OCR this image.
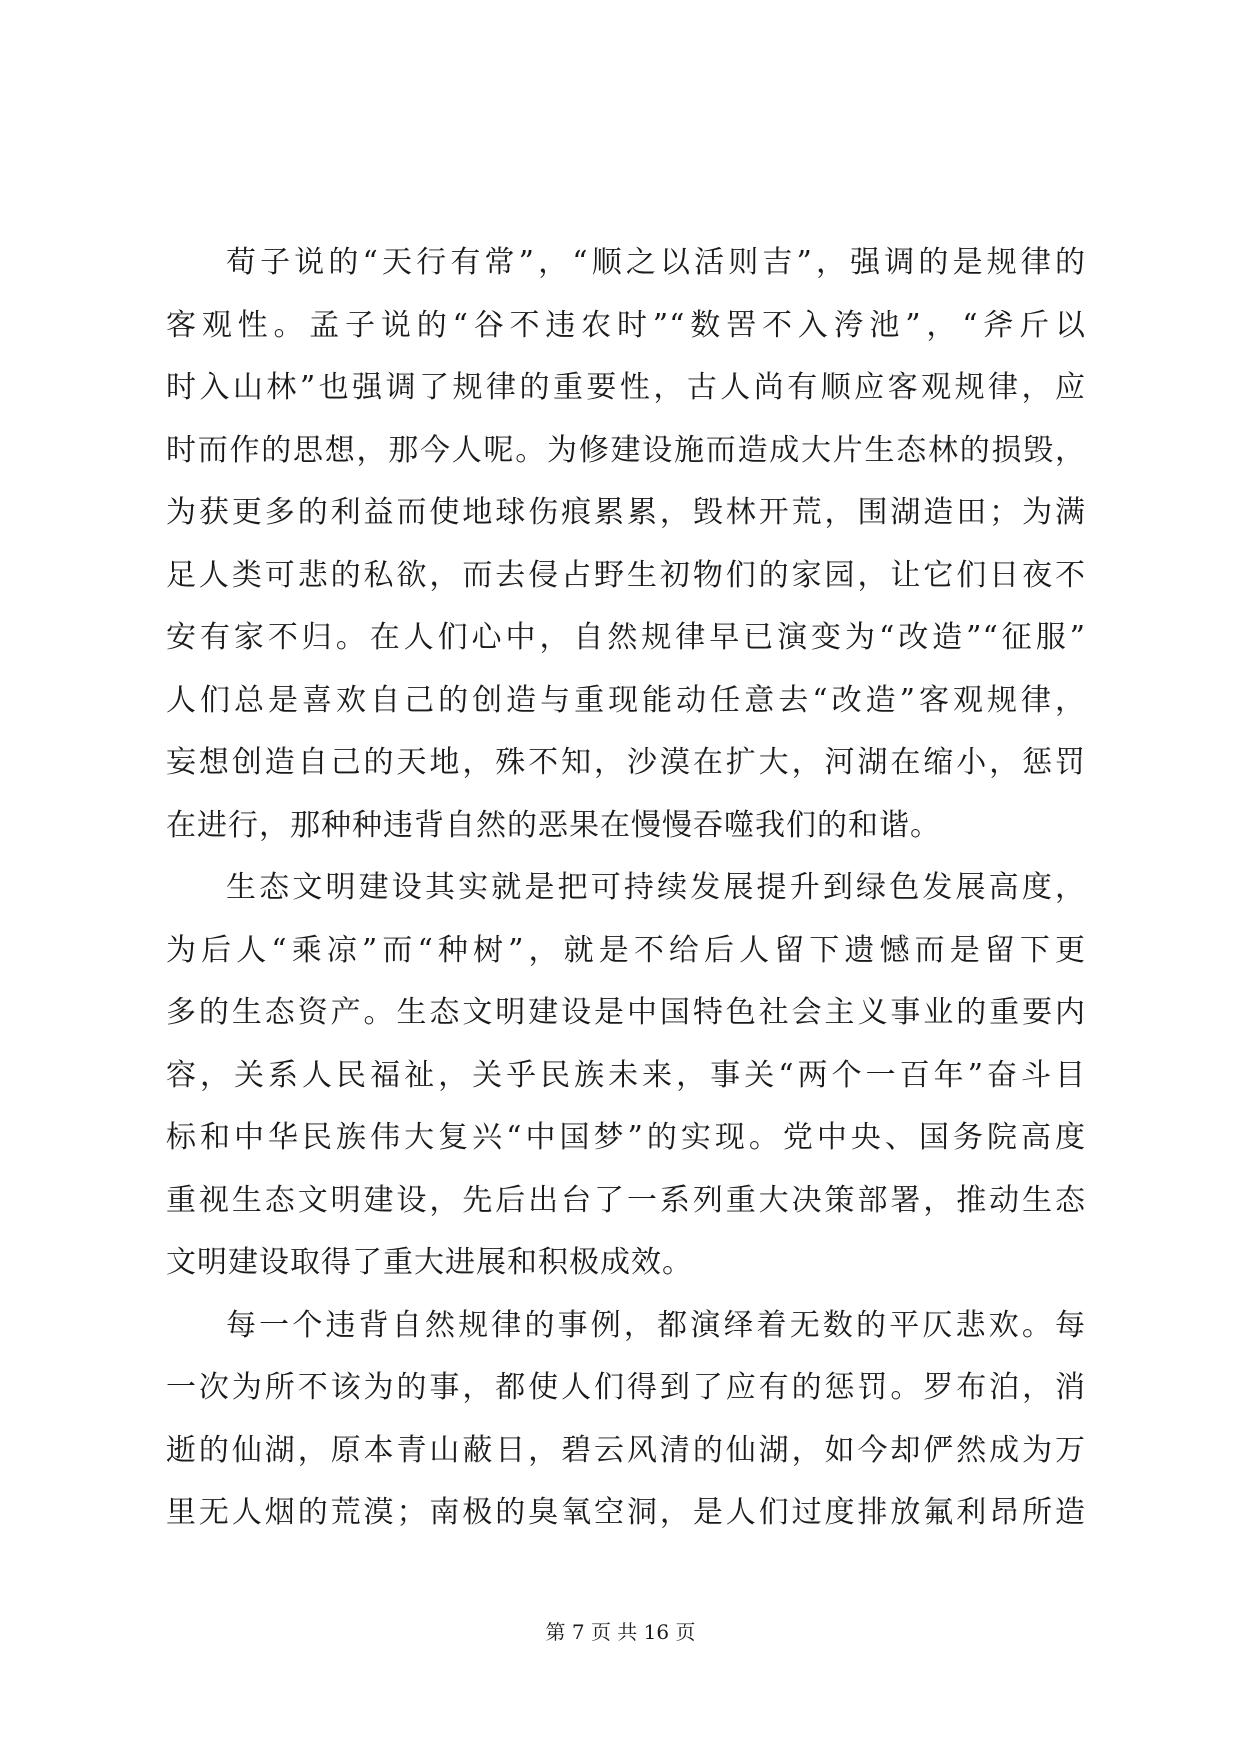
荀子说的“天行有常”，“顺之以活则吉”，强调的是规律的
客观性。孟子说的“谷不违农时”“数罟不入洿池”，“斧斤以
时入山林”也强调了规律的重要性，古人尚有顺应客观规律，应
时而作的思想，那今人呢。为修建设施而造成大片生态林的损毁，
为获更多的利益而使地球伤痕累累，毁林开荒，围湖造田；为满
足人类可悲的私欲，而去侵占野生初物们的家园，让它们日夜不
安有家不归。在人们心中，自然规律早已演变为“改造”“征服”
人们总是喜欢自己的创造与重现能动任意去“改造”客观规律，
妄想创造自己的天地，殊不知，沙漠在扩大，河湖在缩小，惩罚
在进行，那种种违背自然的恶果在慢慢吞噬我们的和谐。

生态文明建设其实就是把可持续发展提升到绿色发展高度，
为后人“乘凉”而“种树”，就是不给后人留下遗憾而是留下更
多的生态资产。生态文明建设是中国特色社会主义事业的重要内
容，关系人民福祉，关乎民族未来，事关“两个一百年”奋斗目
标和中华民族伟大复兴“中国梦”的实现。党中央、国务院高度
重视生态文明建设，先后出台了一系列重大决策部署，推动生态
文明建设取得了重大进展和积极成效。

每一个违背自然规律的事例，都演绎着无数的平仄悲欢。每
一次为所不该为的事，都使人们得到了应有的惩罚。罗布泊，消
逝的仙湖，原本青山蔽日，碧云风清的仙湖，如今却俨然成为万
里无人烟的荒漠；南极的臭氧空洞，是人们过度排放氟利昂所造

第 7 页 共 16 页
